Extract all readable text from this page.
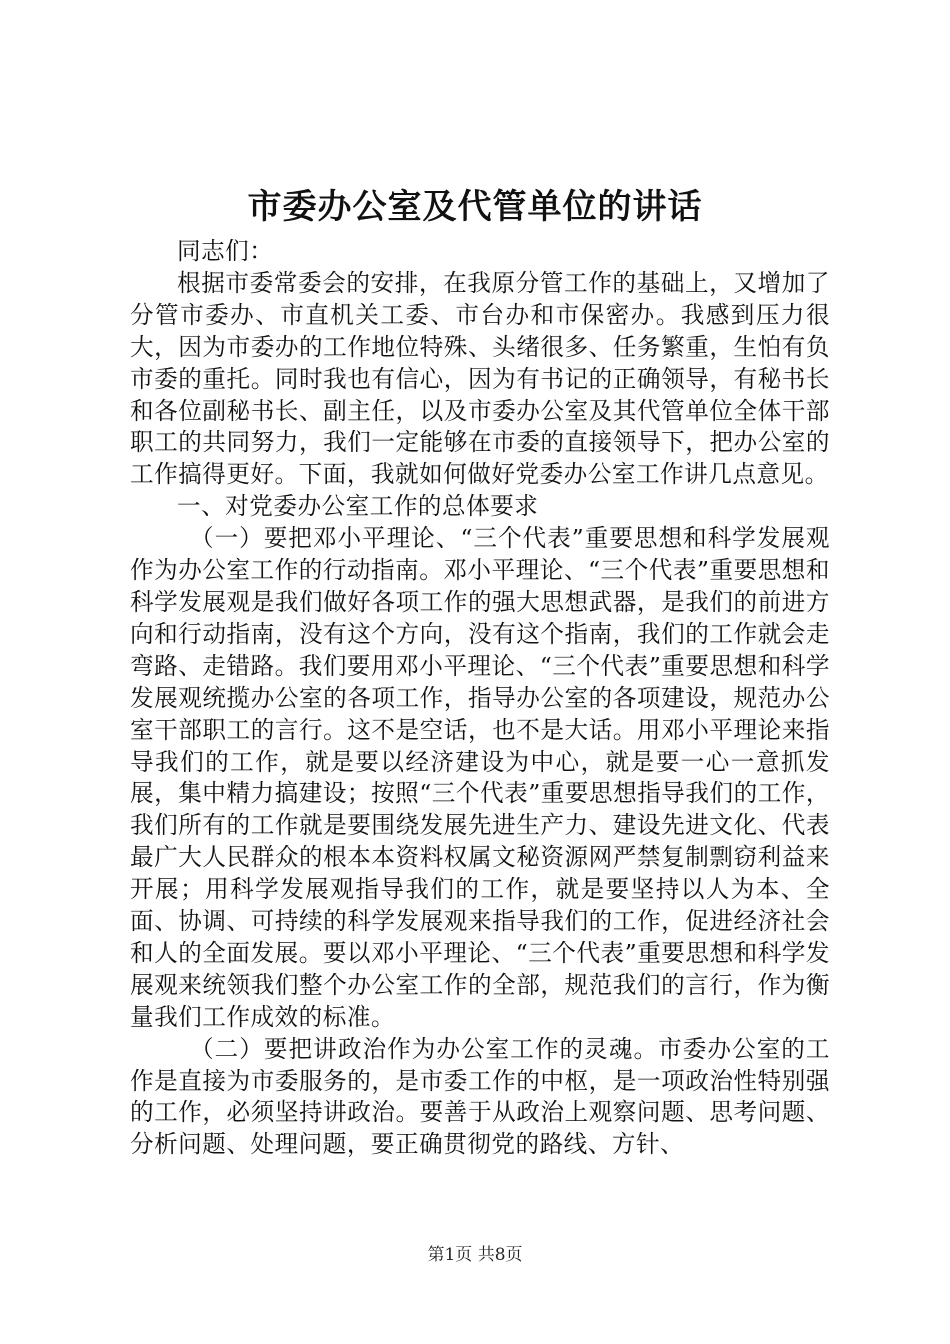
市委办公室及代管单位的讲话

同志们：

根据市委常委会的安排，在我原分管工作的基础上，又增加了分管市委办、市直机关工委、市台办和市保密办。我感到压力很大，因为市委办的工作地位特殊、头绪很多、任务繁重，生怕有负市委的重托。同时我也有信心，因为有书记的正确领导，有秘书长和各位副秘书长、副主任，以及市委办公室及其代管单位全体干部职工的共同努力，我们一定能够在市委的直接领导下，把办公室的工作搞得更好。下面，我就如何做好党委办公室工作讲几点意见。

一、对党委办公室工作的总体要求

（一）要把邓小平理论、“三个代表”重要思想和科学发展观作为办公室工作的行动指南。邓小平理论、“三个代表”重要思想和科学发展观是我们做好各项工作的强大思想武器，是我们的前进方向和行动指南，没有这个方向，没有这个指南，我们的工作就会走弯路、走错路。我们要用邓小平理论、“三个代表”重要思想和科学发展观统揽办公室的各项工作，指导办公室的各项建设，规范办公室干部职工的言行。这不是空话，也不是大话。用邓小平理论来指导我们的工作，就是要以经济建设为中心，就是要一心一意抓发展，集中精力搞建设；按照“三个代表”重要思想指导我们的工作，我们所有的工作就是要围绕发展先进生产力、建设先进文化、代表最广大人民群众的根本本资料权属文秘资源网严禁复制剽窃利益来开展；用科学发展观指导我们的工作，就是要坚持以人为本、全面、协调、可持续的科学发展观来指导我们的工作，促进经济社会和人的全面发展。要以邓小平理论、“三个代表”重要思想和科学发展观来统领我们整个办公室工作的全部，规范我们的言行，作为衡量我们工作成效的标准。

（二）要把讲政治作为办公室工作的灵魂。市委办公室的工作是直接为市委服务的，是市委工作的中枢，是一项政治性特别强的工作，必须坚持讲政治。要善于从政治上观察问题、思考问题、分析问题、处理问题，要正确贯彻党的路线、方针、

第1页 共8页
